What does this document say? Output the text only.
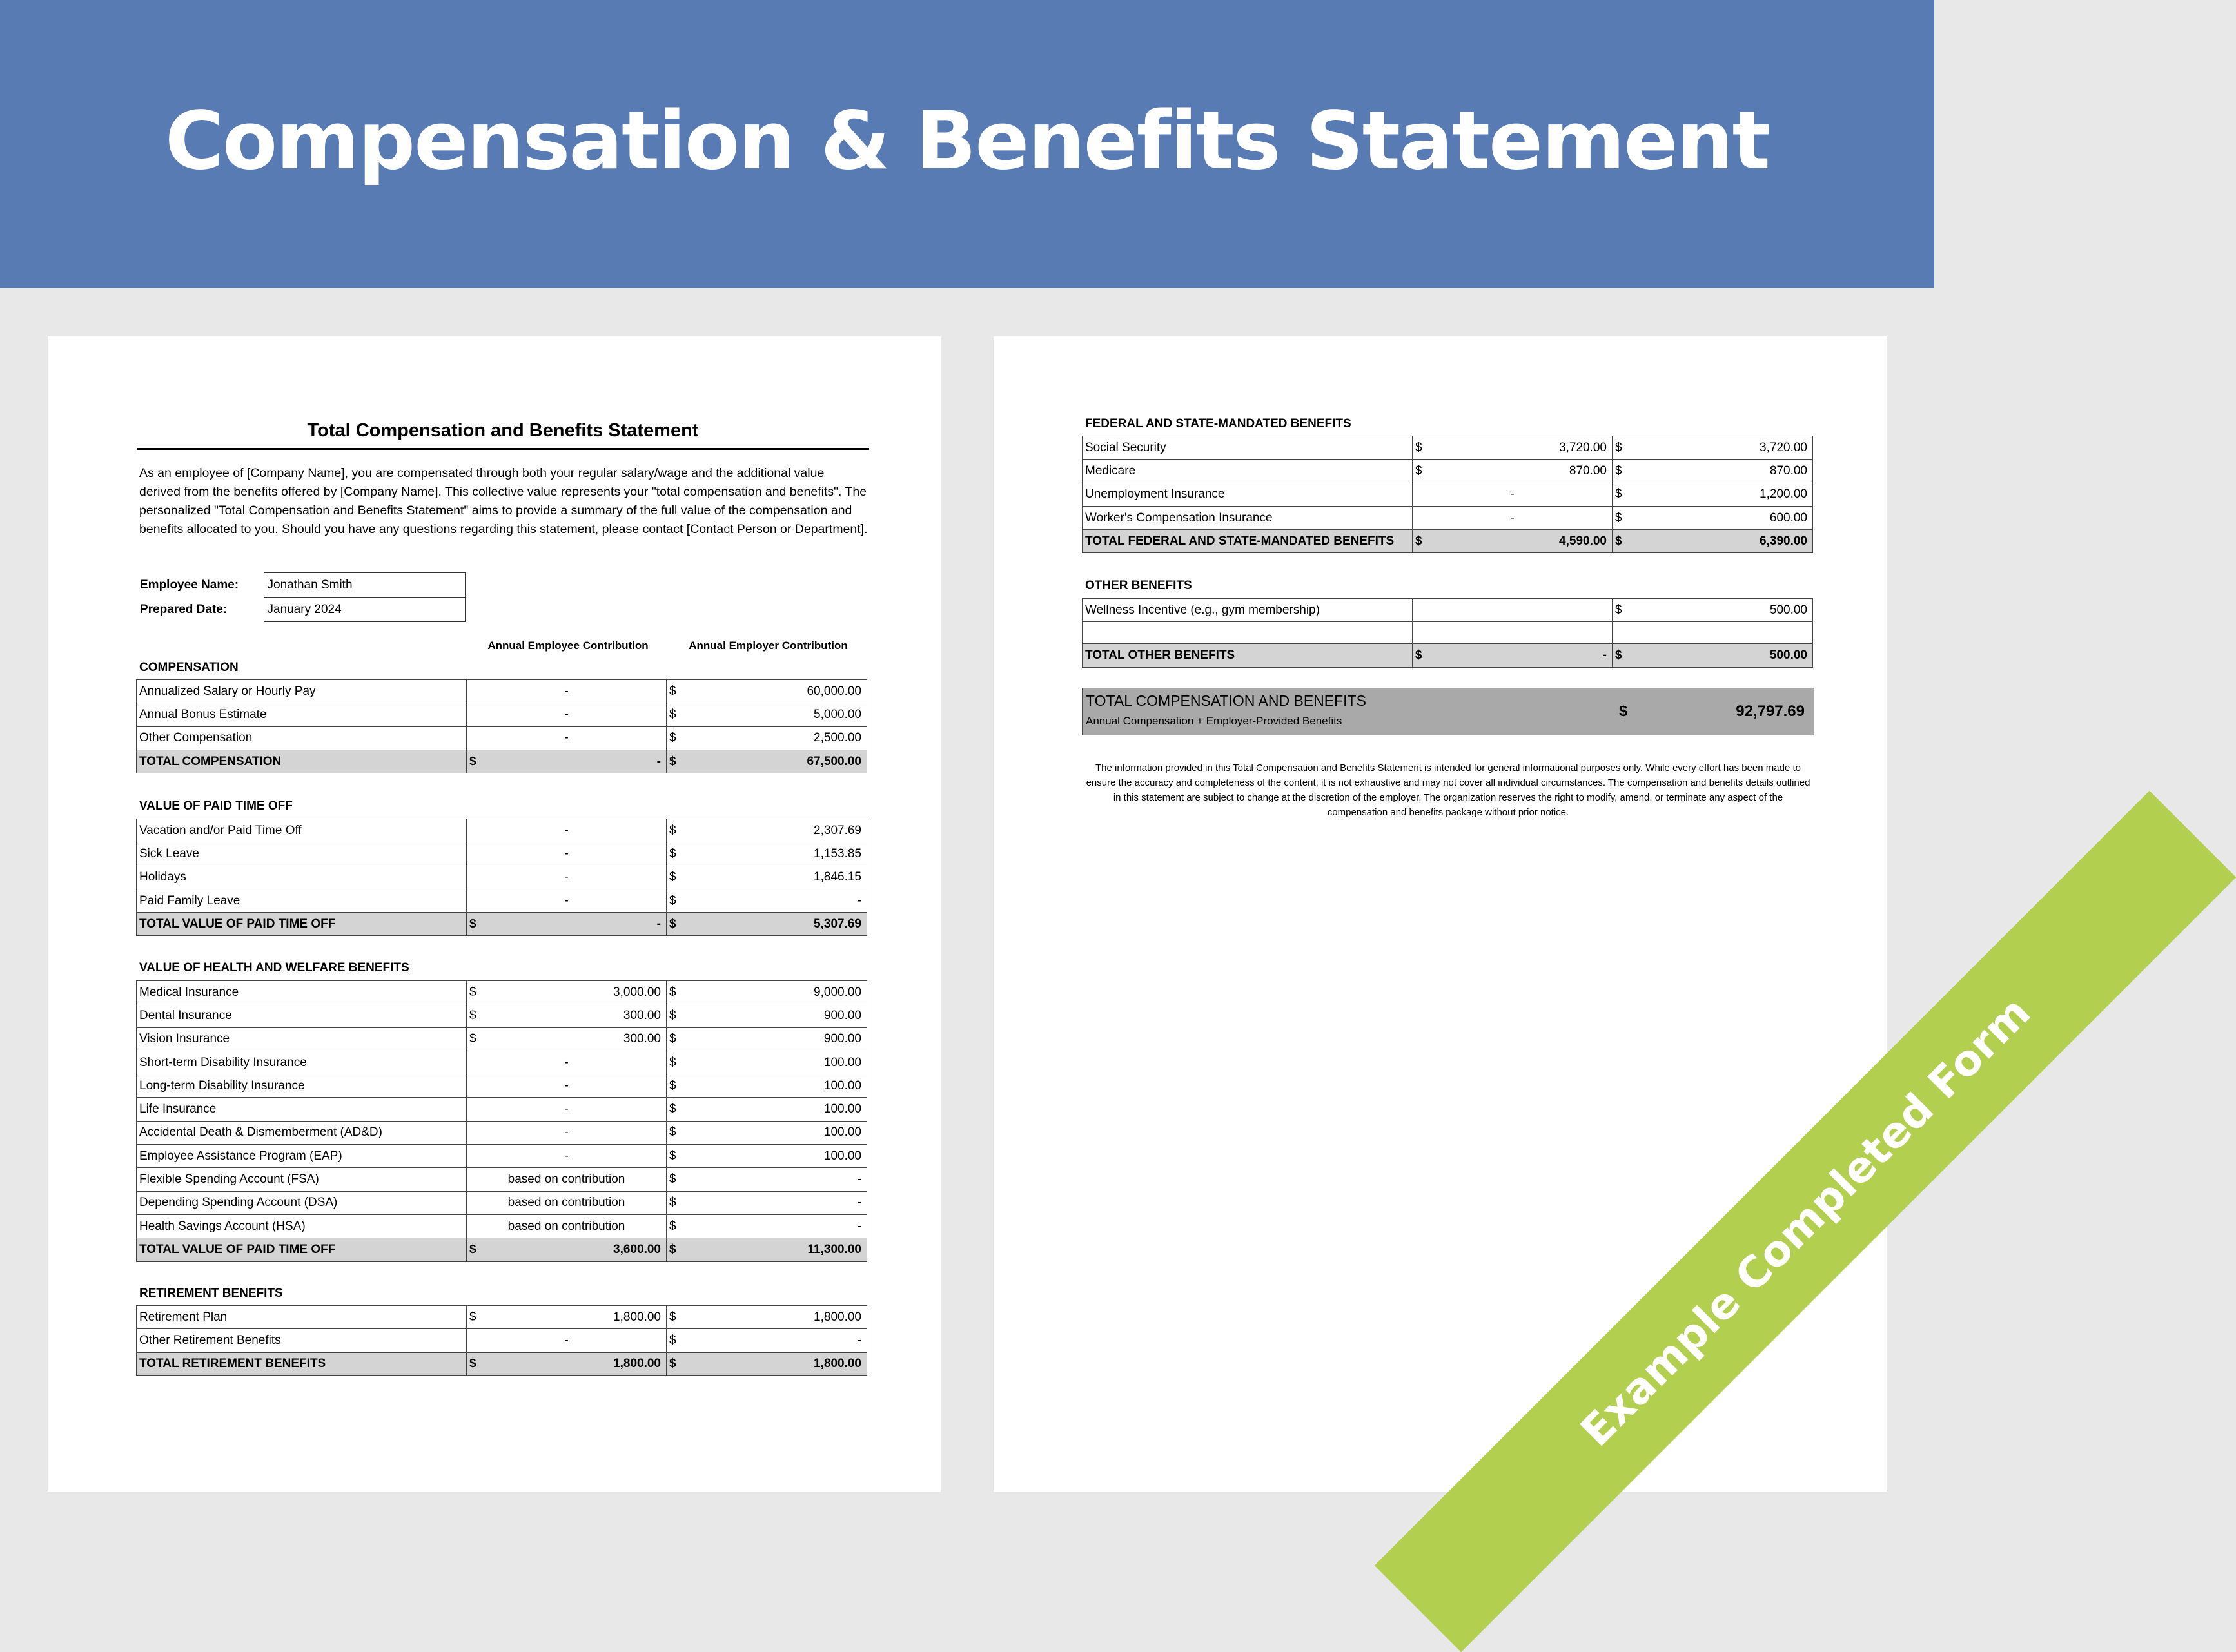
Compensation & Benefits Statement
Total Compensation and Benefits Statement
As an employee of [Company Name], you are compensated through both your regular salary/wage and the additional value derived from the benefits offered by [Company Name]. This collective value represents your "total compensation and benefits". The personalized "Total Compensation and Benefits Statement" aims to provide a summary of the full value of the compensation and benefits allocated to you. Should you have any questions regarding this statement, please contact [Contact Person or Department].
Employee Name:	Jonathan Smith
Prepared Date:	January 2024
Annual Employee Contribution	Annual Employer Contribution
COMPENSATION
Annualized Salary or Hourly Pay	-	$ 60,000.00

Annual Bonus Estimate	-	$ 5,000.00

Other Compensation	-	$ 2,500.00

TOTAL COMPENSATION	$ -	$ 67,500.00
VALUE OF PAID TIME OFF
Vacation and/or Paid Time Off	-	$ 2,307.69

Sick Leave	-	$ 1,153.85

Holidays	-	$ 1,846.15

Paid Family Leave	-	$ -

TOTAL VALUE OF PAID TIME OFF	$ -	$ 5,307.69
VALUE OF HEALTH AND WELFARE BENEFITS
Medical Insurance	$ 3,000.00	$ 9,000.00

Dental Insurance	$ 300.00	$ 900.00

Vision Insurance	$ 300.00	$ 900.00

Short-term Disability Insurance	-	$ 100.00

Long-term Disability Insurance	-	$ 100.00

Life Insurance	-	$ 100.00

Accidental Death & Dismemberment (AD&D)	-	$ 100.00

Employee Assistance Program (EAP)	-	$ 100.00

Flexible Spending Account (FSA)	based on contribution	$ -

Depending Spending Account (DSA)	based on contribution	$ -

Health Savings Account (HSA)	based on contribution	$ -

TOTAL VALUE OF PAID TIME OFF	$ 3,600.00	$ 11,300.00
RETIREMENT BENEFITS
Retirement Plan	$ 1,800.00	$ 1,800.00

Other Retirement Benefits	-	$ -

TOTAL RETIREMENT BENEFITS	$ 1,800.00	$ 1,800.00
FEDERAL AND STATE-MANDATED BENEFITS
Social Security	$ 3,720.00	$ 3,720.00

Medicare	$ 870.00	$ 870.00

Unemployment Insurance	-	$ 1,200.00

Worker's Compensation Insurance	-	$ 600.00

TOTAL FEDERAL AND STATE-MANDATED BENEFITS	$ 4,590.00	$ 6,390.00
OTHER BENEFITS
Wellness Incentive (e.g., gym membership)		$ 500.00

TOTAL OTHER BENEFITS	$ -	$ 500.00
TOTAL COMPENSATION AND BENEFITS
Annual Compensation + Employer-Provided Benefits
$	92,797.69
The information provided in this Total Compensation and Benefits Statement is intended for general informational purposes only. While every effort has been made to ensure the accuracy and completeness of the content, it is not exhaustive and may not cover all individual circumstances. The compensation and benefits details outlined in this statement are subject to change at the discretion of the employer. The organization reserves the right to modify, amend, or terminate any aspect of the compensation and benefits package without prior notice.
Example Completed Form
